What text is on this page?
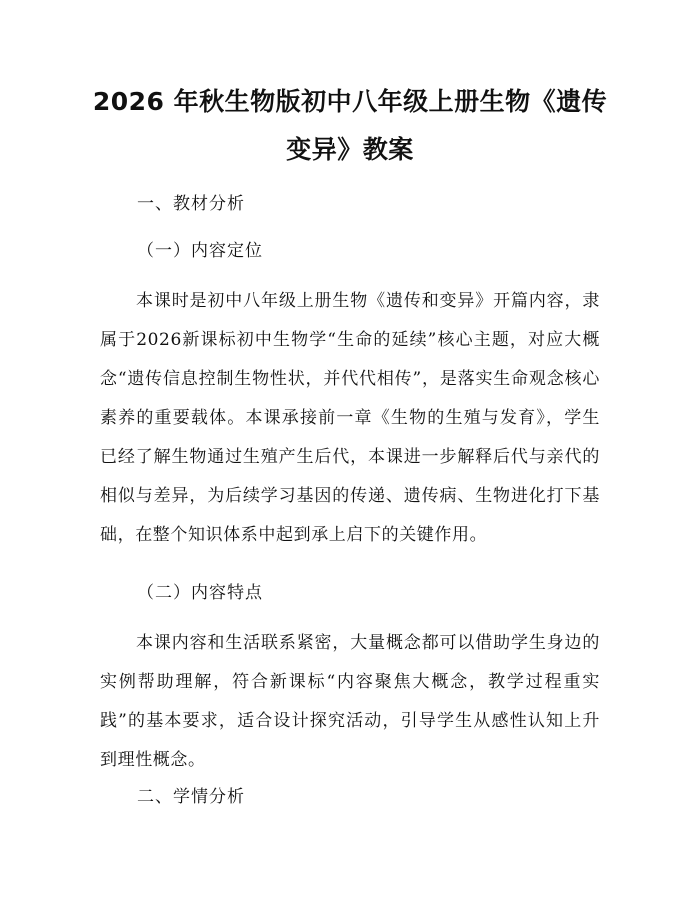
2026 年秋生物版初中八年级上册生物《遗传
变异》教案
一、教材分析
（一）内容定位

本课时是初中八年级上册生物《遗传和变异》开篇内容，隶属于2026新课标初中生物学“生命的延续”核心主题，对应大概念“遗传信息控制生物性状，并代代相传”，是落实生命观念核心素养的重要载体。本课承接前一章《生物的生殖与发育》，学生已经了解生物通过生殖产生后代，本课进一步解释后代与亲代的相似与差异，为后续学习基因的传递、遗传病、生物进化打下基础，在整个知识体系中起到承上启下的关键作用。

（二）内容特点

本课内容和生活联系紧密，大量概念都可以借助学生身边的实例帮助理解，符合新课标“内容聚焦大概念，教学过程重实践”的基本要求，适合设计探究活动，引导学生从感性认知上升到理性概念。

二、学情分析
